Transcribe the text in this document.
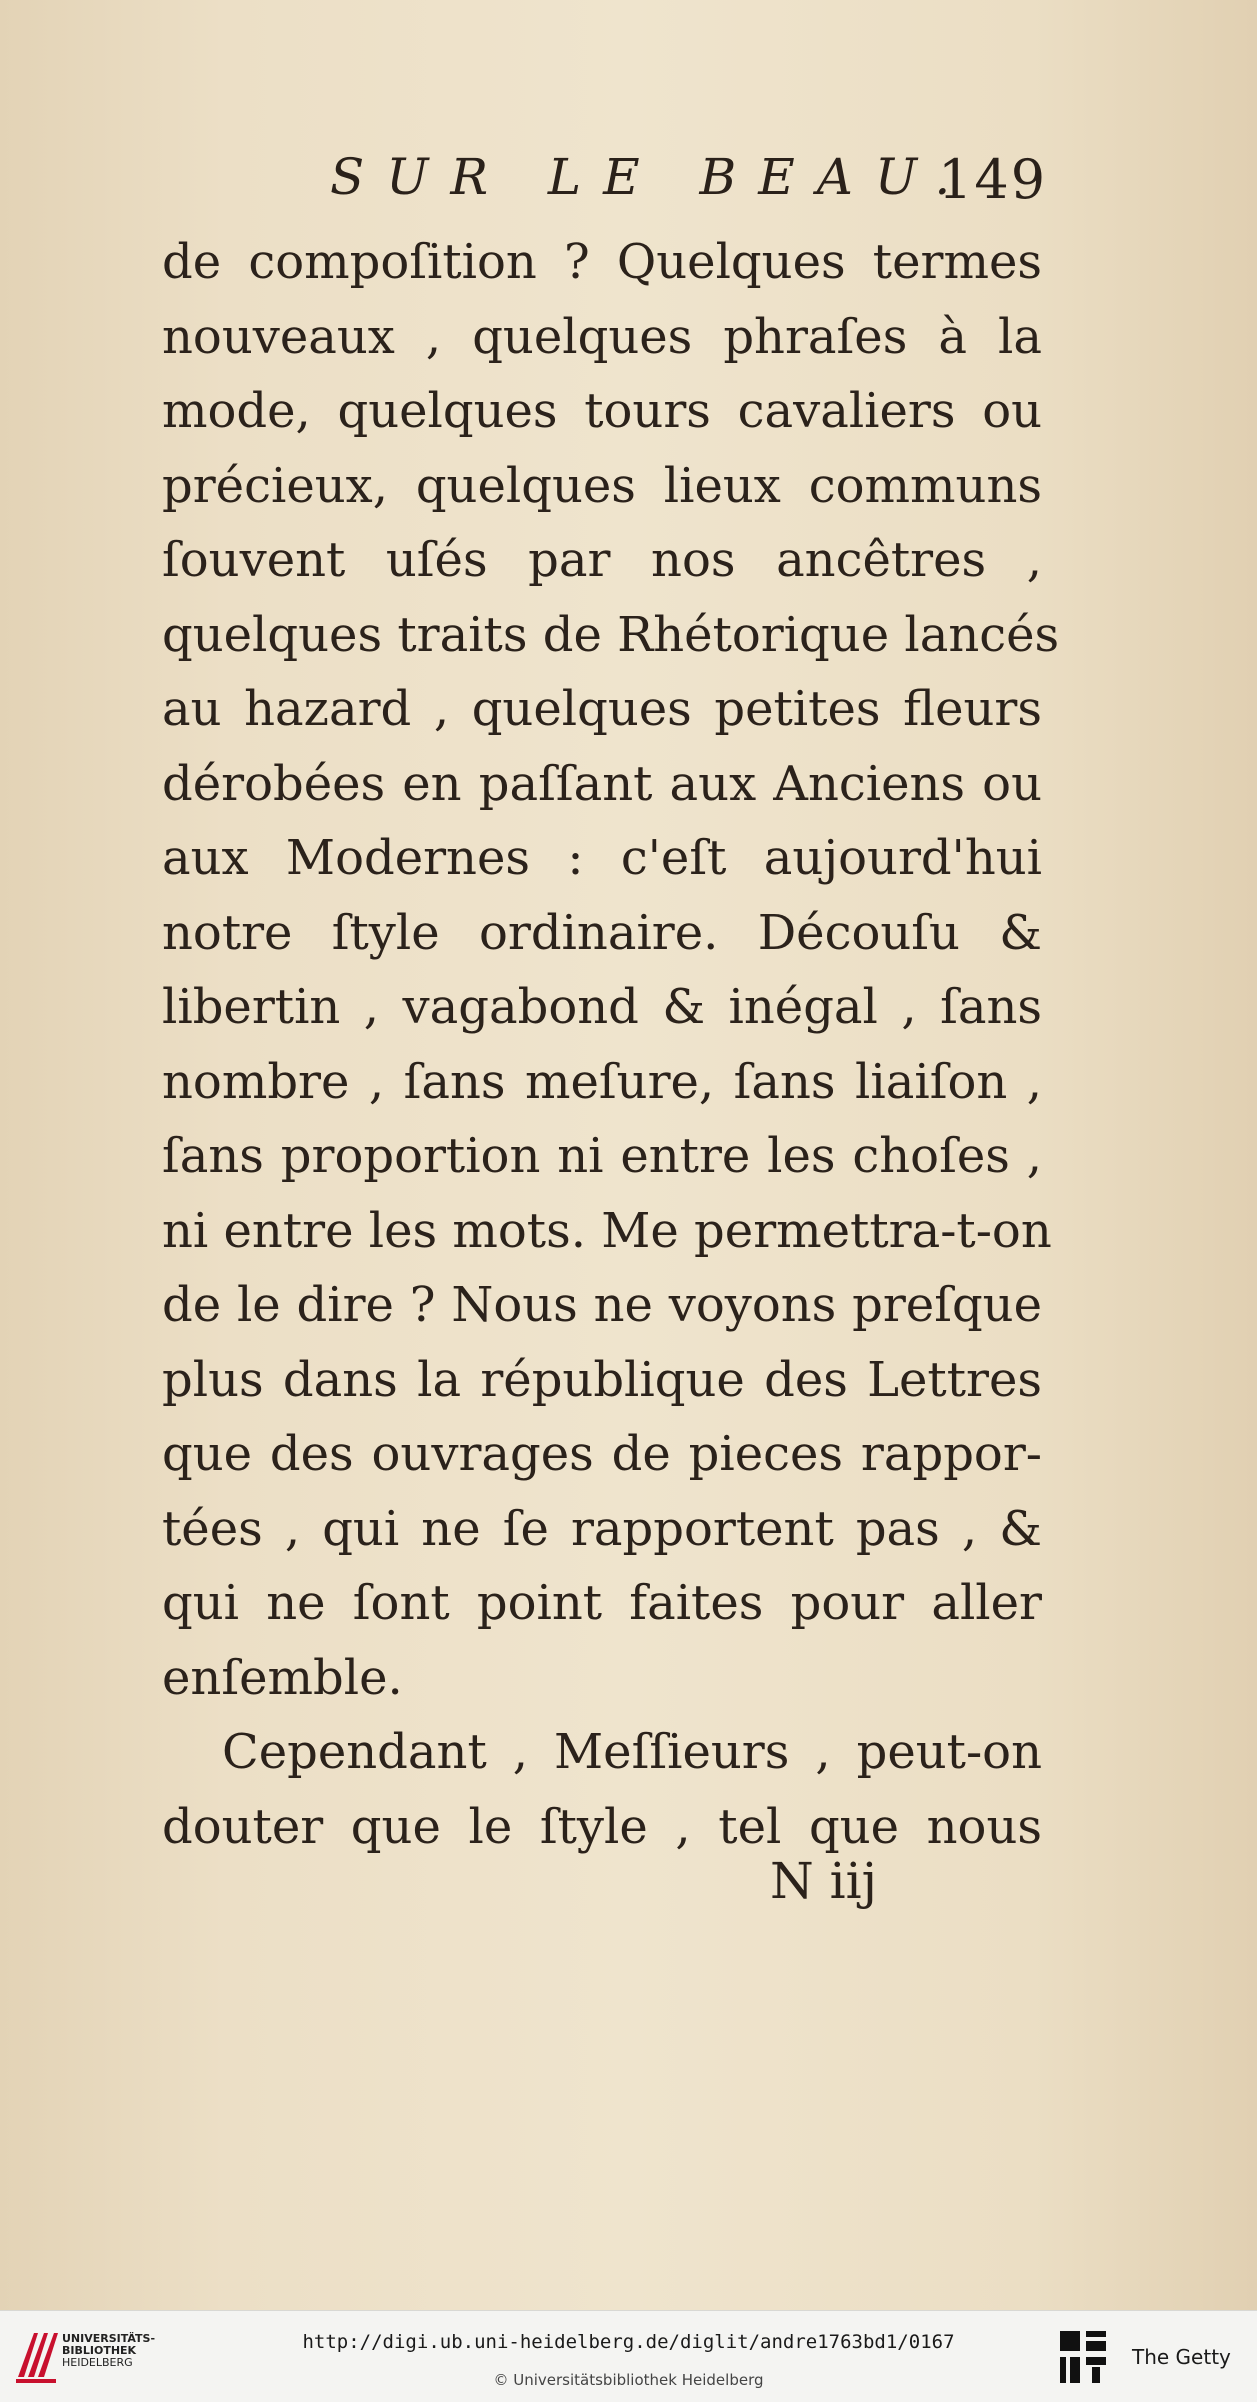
SUR LE BEAU.
149
de compoſition ? Quelques termes
nouveaux , quelques phraſes à la
mode, quelques tours cavaliers ou
précieux, quelques lieux communs
ſouvent uſés par nos ancêtres ,
quelques traits de Rhétorique lancés
au hazard , quelques petites fleurs
dérobées en paſſant aux Anciens ou
aux Modernes : c'eſt aujourd'hui
notre ſtyle ordinaire. Découſu &
libertin , vagabond & inégal , ſans
nombre , ſans meſure, ſans liaiſon ,
ſans proportion ni entre les choſes ,
ni entre les mots. Me permettra-t-on
de le dire ? Nous ne voyons preſque
plus dans la république des Lettres
que des ouvrages de pieces rappor-
tées , qui ne ſe rapportent pas , &
qui ne ſont point faites pour aller
enſemble.
Cependant , Meſſieurs , peut-on
douter que le ſtyle , tel que nous
N iij
UNIVERSITÄTS-
BIBLIOTHEK
HEIDELBERG
http://digi.ub.uni-heidelberg.de/diglit/andre1763bd1/0167
© Universitätsbibliothek Heidelberg
The Getty
